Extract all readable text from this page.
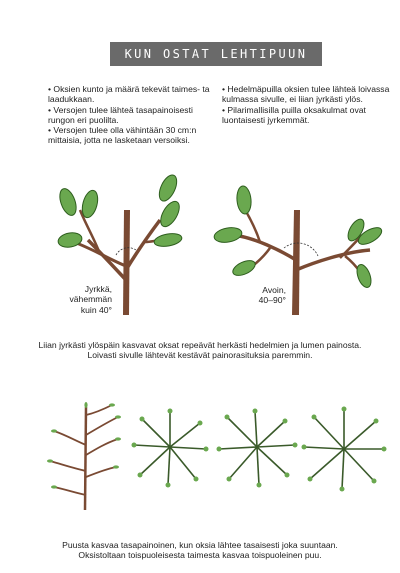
KUN OSTAT LEHTIPUUN
• Oksien kunto ja määrä tekevät taimes- ta laadukkaan.
• Versojen tulee lähteä tasapainoisesti rungon eri puolilta.
• Versojen tulee olla vähintään 30 cm:n mittaisia, jotta ne lasketaan versoiksi.
• Hedelmäpuilla oksien tulee lähteä loivassa kulmassa sivulle, ei liian jyrkästi ylös.
• Pilarimallisilla puilla oksakulmat ovat luontaisesti jyrkemmät.
Jyrkkä,
vähemmän
kuin 40°
Avoin,
40–90°
Liian jyrkästi ylöspäin kasvavat oksat repeävät herkästi hedelmien ja lumen painosta.
Loivasti sivulle lähtevät kestävät painorasituksia paremmin.
Puusta kasvaa tasapainoinen, kun oksia lähtee tasaisesti joka suuntaan.
Oksistoltaan toispuoleisesta taimesta kasvaa toispuoleinen puu.
